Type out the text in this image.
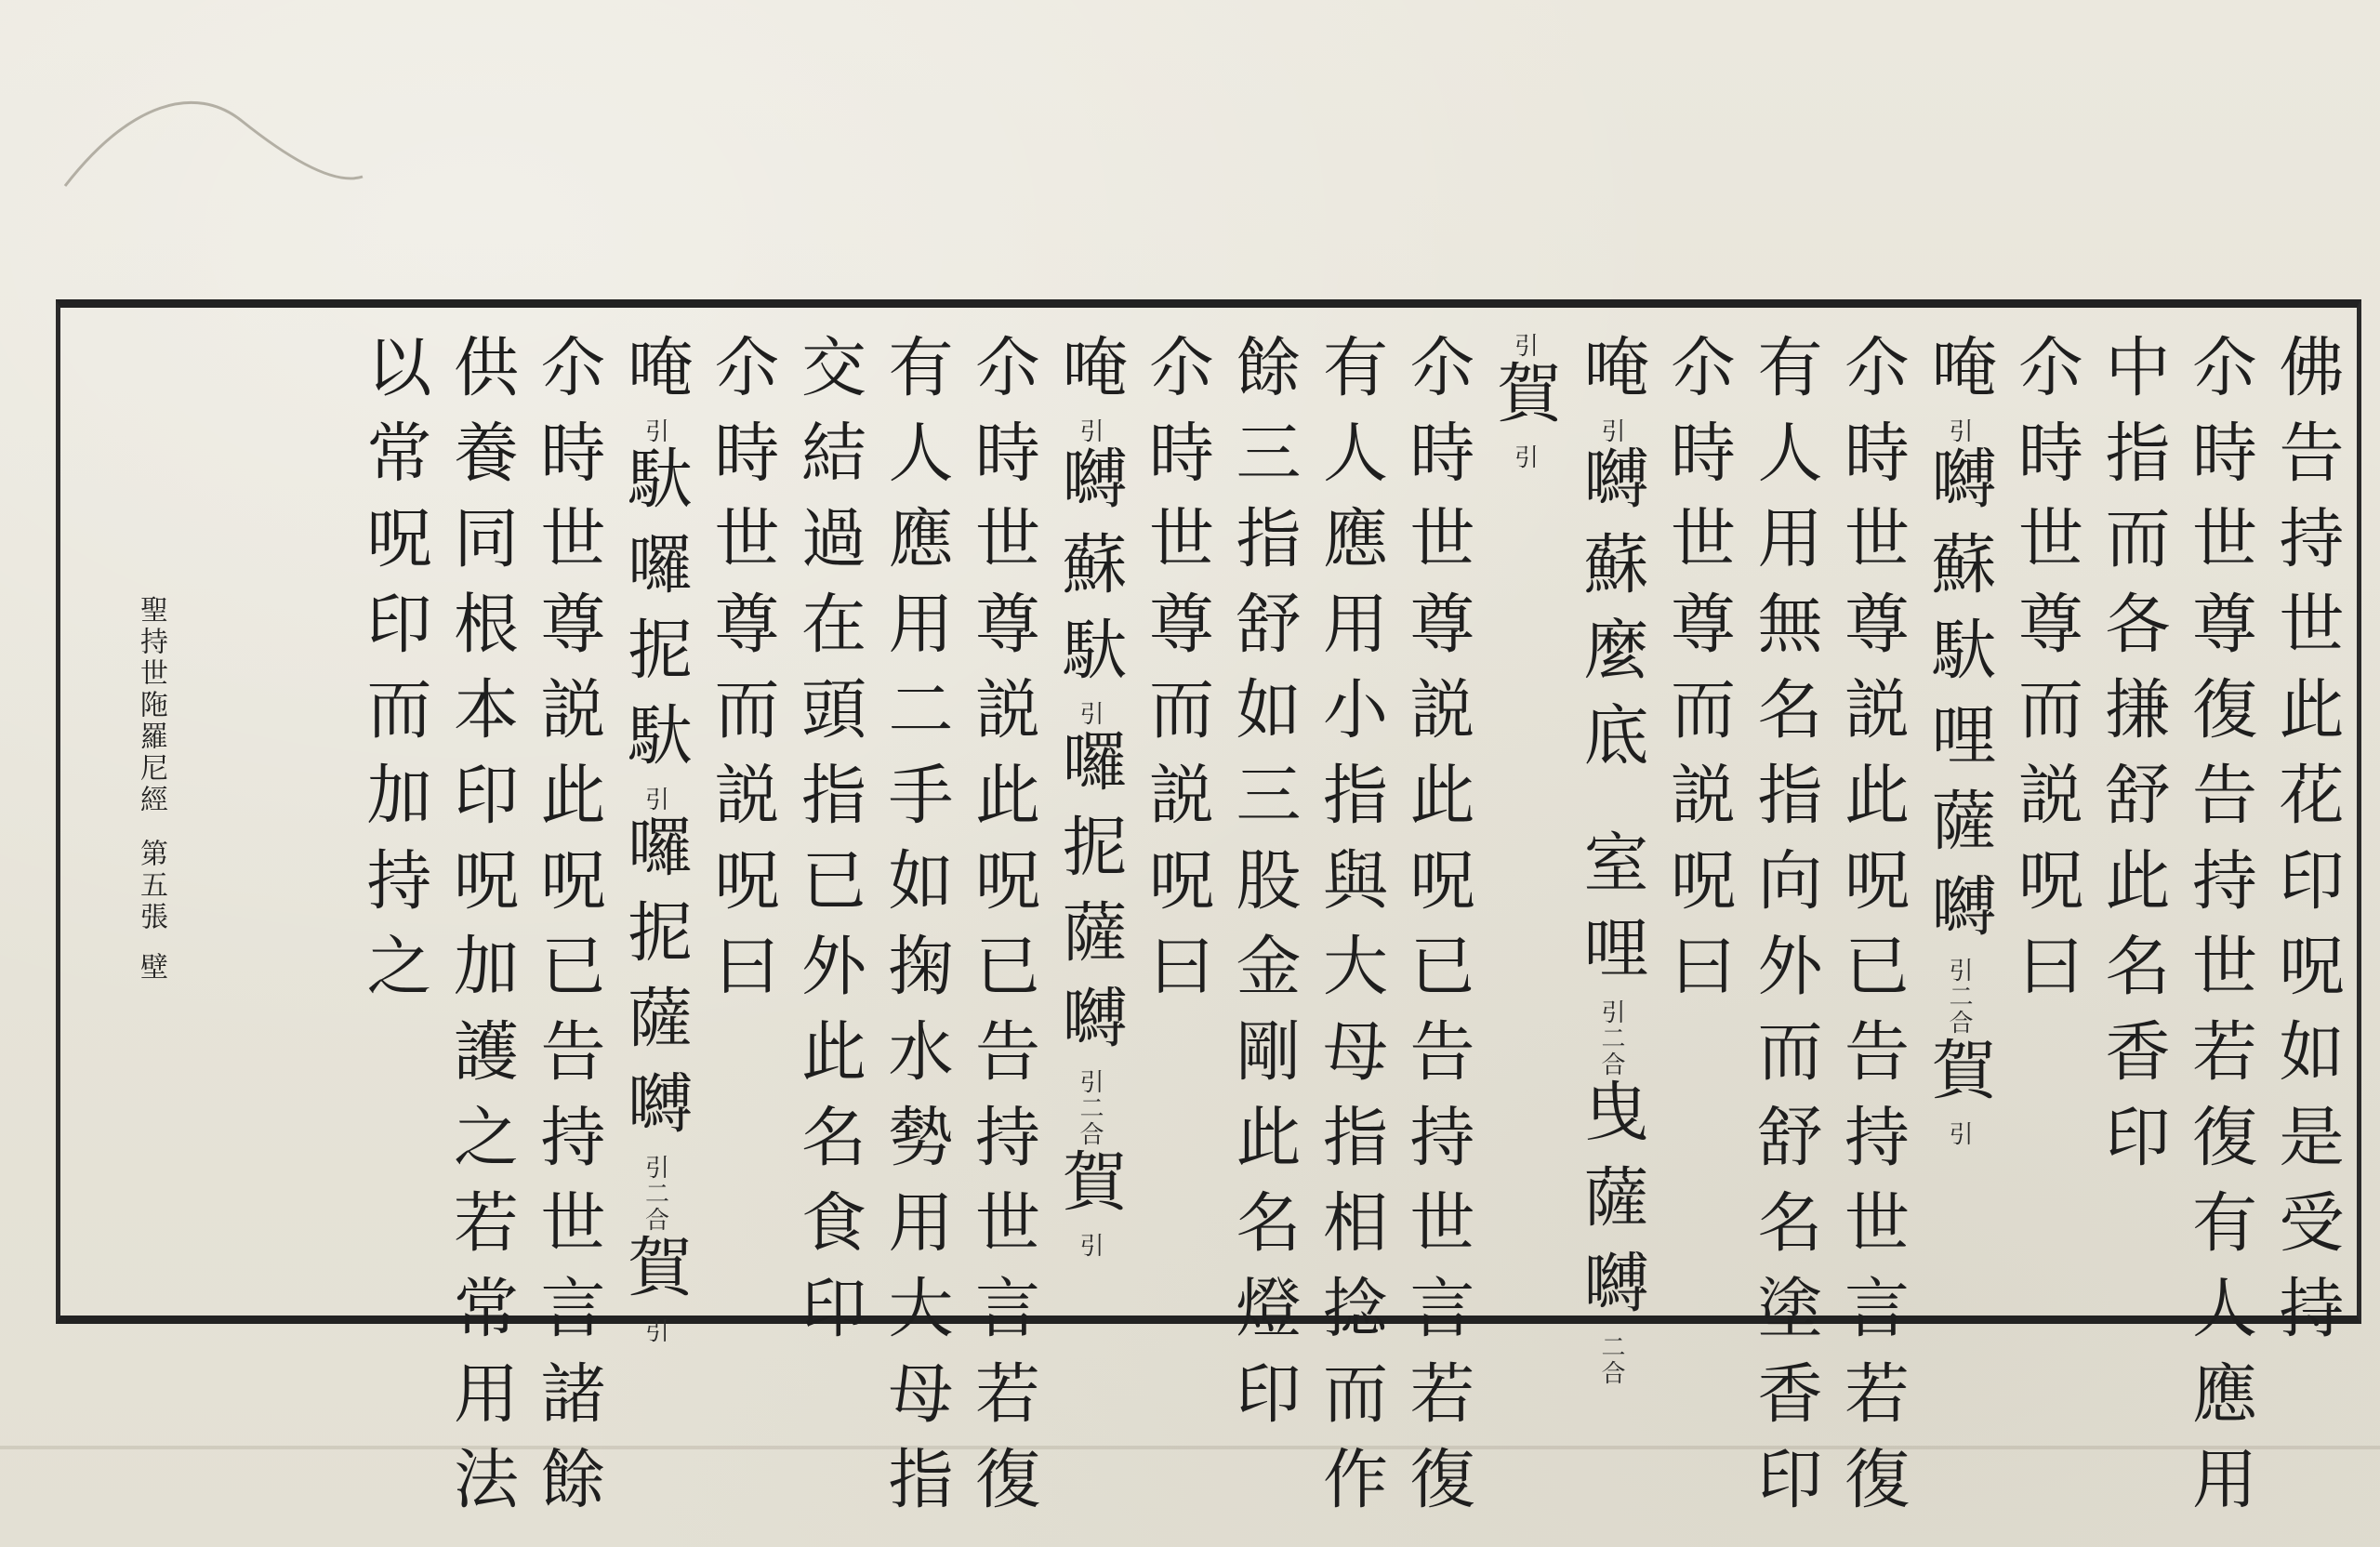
佛告持世此花印呪如是受持
尒時世尊復告持世若復有人應用
中指而各搛舒此名香印
尒時世尊而説呪曰
唵引嚩蘇馱哩薩嚩引二合賀引
尒時世尊説此呪已告持世言若復
有人用無名指向外而舒名塗香印
尒時世尊而説呪曰
唵引嚩蘇麼底室哩引二合曳薩嚩二合
引賀引
尒時世尊説此呪已告持世言若復
有人應用小指與大母指相捻而作
餘三指舒如三股金剛此名燈印
尒時世尊而説呪曰
唵引嚩蘇馱引囉抳薩嚩引二合賀引
尒時世尊説此呪已告持世言若復
有人應用二手如掬水勢用大母指
交結過在頭指已外此名食印
尒時世尊而説呪曰
唵引馱囉抳馱引囉抳薩嚩引二合賀引
尒時世尊説此呪已告持世言諸餘
供養同根本印呪加護之若常用法
以常呪印而加持之
聖持世陁羅尼經第五張壁
